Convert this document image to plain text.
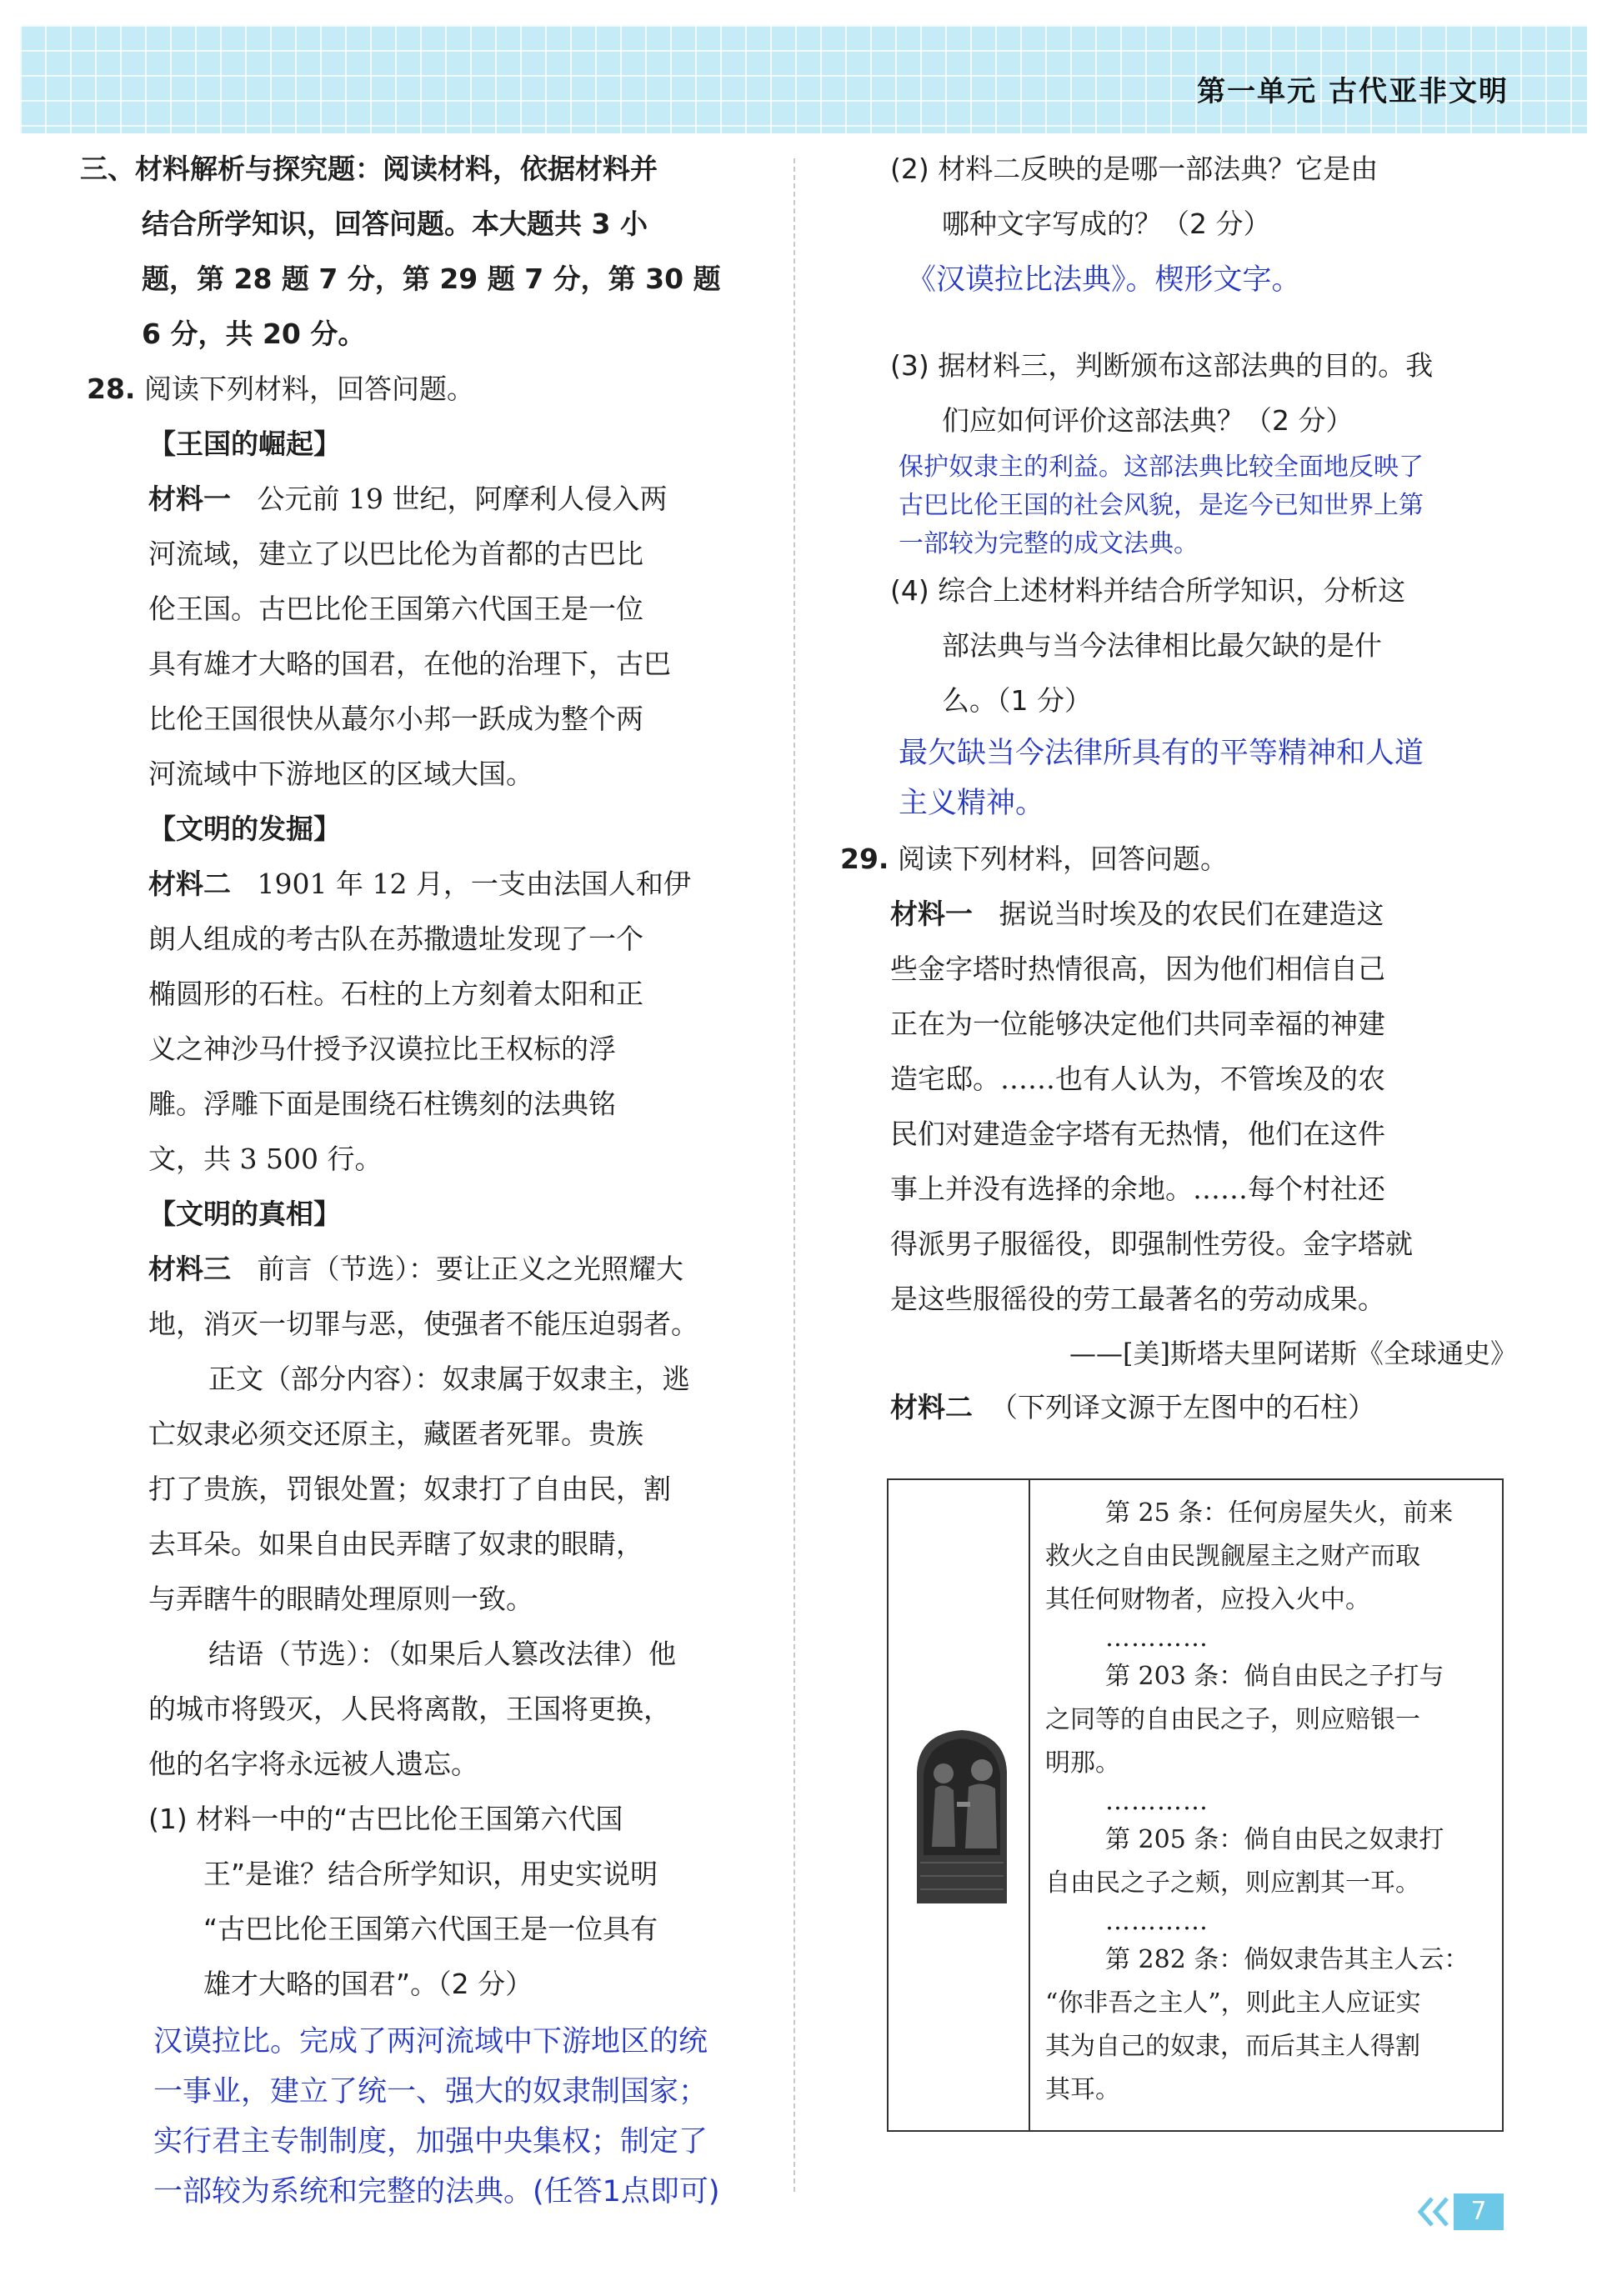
第一单元 古代亚非文明

三、材料解析与探究题：阅读材料，依据材料并

结合所学知识，回答问题。本大题共 3 小

题，第 28 题 7 分，第 29 题 7 分，第 30 题

6 分，共 20 分。

28. 阅读下列材料，回答问题。

【王国的崛起】

材料一 公元前 19 世纪，阿摩利人侵入两

河流域，建立了以巴比伦为首都的古巴比

伦王国。古巴比伦王国第六代国王是一位

具有雄才大略的国君，在他的治理下，古巴

比伦王国很快从蕞尔小邦一跃成为整个两

河流域中下游地区的区域大国。

【文明的发掘】

材料二 1901 年 12 月，一支由法国人和伊

朗人组成的考古队在苏撒遗址发现了一个

椭圆形的石柱。石柱的上方刻着太阳和正

义之神沙马什授予汉谟拉比王权标的浮

雕。浮雕下面是围绕石柱镌刻的法典铭

文，共 3 500 行。

【文明的真相】

材料三 前言（节选）：要让正义之光照耀大

地，消灭一切罪与恶，使强者不能压迫弱者。

正文（部分内容）：奴隶属于奴隶主，逃

亡奴隶必须交还原主，藏匿者死罪。贵族

打了贵族，罚银处置；奴隶打了自由民，割

去耳朵。如果自由民弄瞎了奴隶的眼睛，

与弄瞎牛的眼睛处理原则一致。

结语（节选）：（如果后人篡改法律）他

的城市将毁灭，人民将离散，王国将更换，

他的名字将永远被人遗忘。

(1) 材料一中的“古巴比伦王国第六代国

王”是谁？结合所学知识，用史实说明

“古巴比伦王国第六代国王是一位具有

雄才大略的国君”。（2 分）

汉谟拉比。完成了两河流域中下游地区的统

一事业，建立了统一、强大的奴隶制国家；

实行君主专制制度，加强中央集权；制定了

一部较为系统和完整的法典。(任答1点即可)

(2) 材料二反映的是哪一部法典？它是由

哪种文字写成的？（2 分）

《汉谟拉比法典》。楔形文字。

(3) 据材料三，判断颁布这部法典的目的。我

们应如何评价这部法典？（2 分）

保护奴隶主的利益。这部法典比较全面地反映了

古巴比伦王国的社会风貌，是迄今已知世界上第

一部较为完整的成文法典。

(4) 综合上述材料并结合所学知识，分析这

部法典与当今法律相比最欠缺的是什

么。（1 分）

最欠缺当今法律所具有的平等精神和人道

主义精神。

29. 阅读下列材料，回答问题。

材料一 据说当时埃及的农民们在建造这

些金字塔时热情很高，因为他们相信自己

正在为一位能够决定他们共同幸福的神建

造宅邸。……也有人认为，不管埃及的农

民们对建造金字塔有无热情，他们在这件

事上并没有选择的余地。……每个村社还

得派男子服徭役，即强制性劳役。金字塔就

是这些服徭役的劳工最著名的劳动成果。

——[美]斯塔夫里阿诺斯《全球通史》

材料二 （下列译文源于左图中的石柱）

第 25 条：任何房屋失火，前来

救火之自由民觊觎屋主之财产而取

其任何财物者，应投入火中。

…………

第 203 条：倘自由民之子打与

之同等的自由民之子，则应赔银一

明那。

…………

第 205 条：倘自由民之奴隶打

自由民之子之颊，则应割其一耳。

…………

第 282 条：倘奴隶告其主人云：

“你非吾之主人”，则此主人应证实

其为自己的奴隶，而后其主人得割

其耳。

7
